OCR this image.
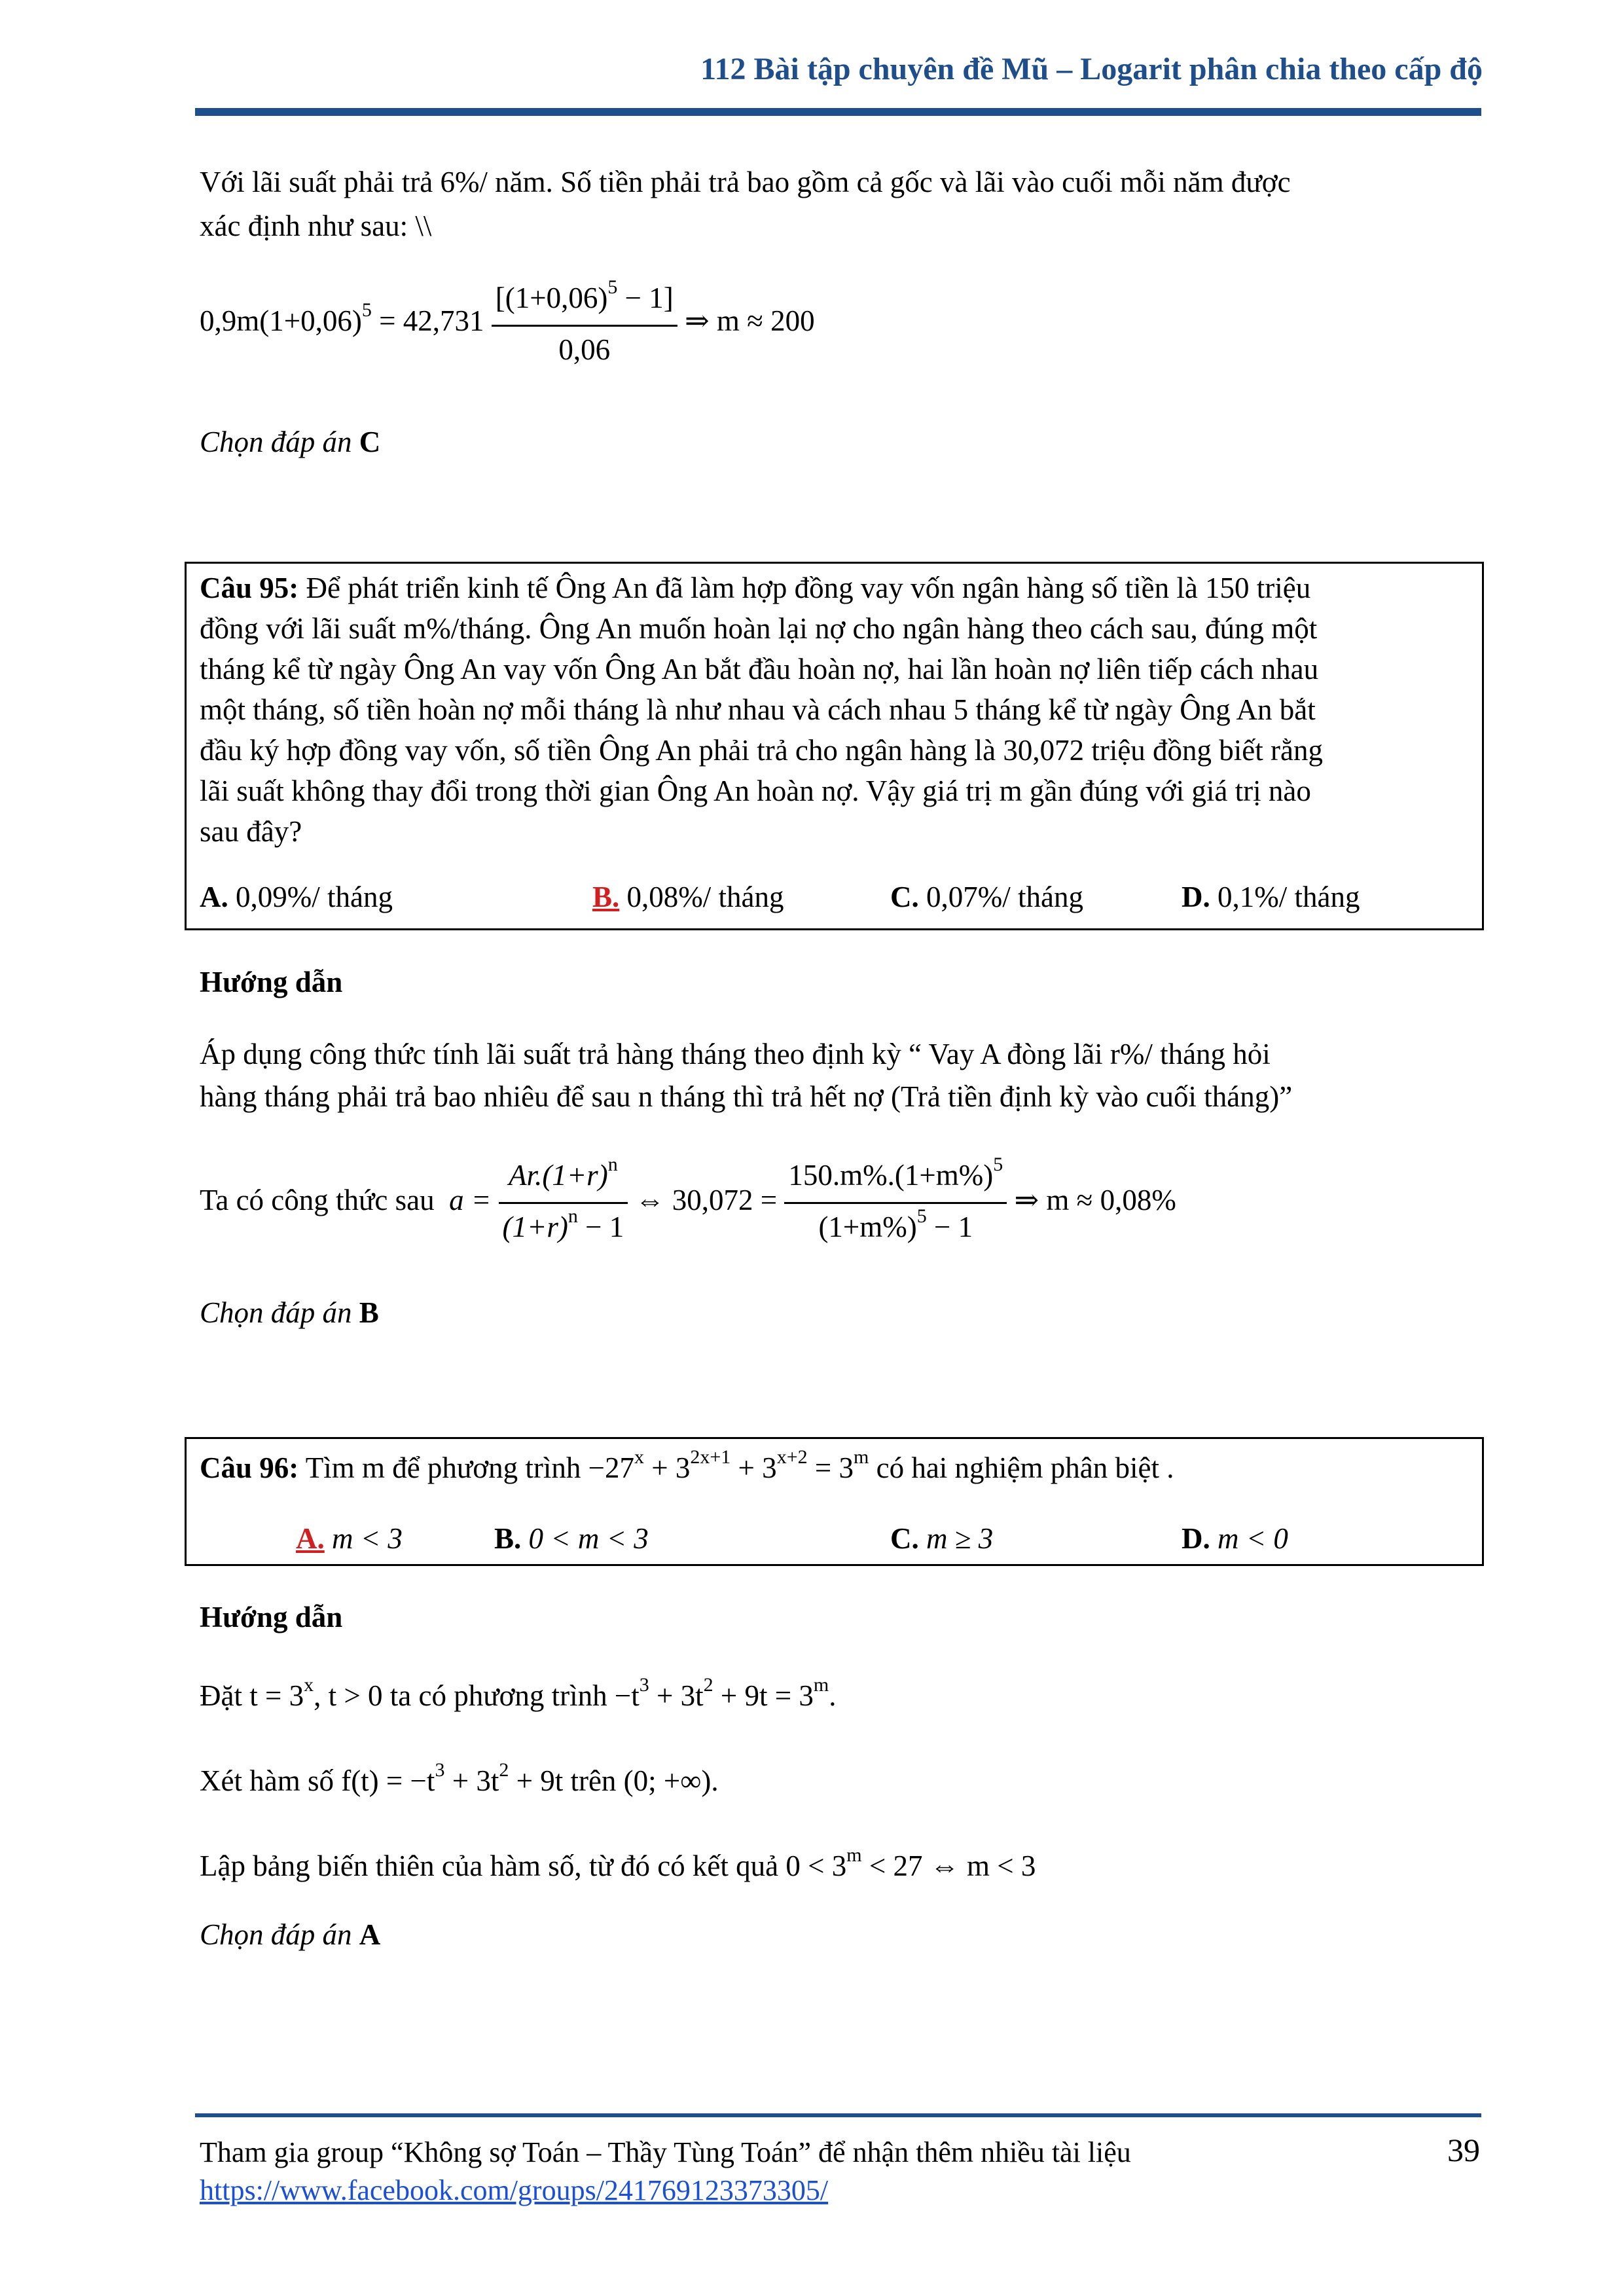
112 Bài tập chuyên đề Mũ – Logarit phân chia theo cấp độ
Với lãi suất phải trả 6%/ năm. Số tiền phải trả bao gồm cả gốc và lãi vào cuối mỗi năm được
xác định như sau: \\
$0,9m(1+0,06)^5 = 42,731 \frac{[(1+0,06)^5 - 1]}{0,06}$ ⇒ m ≈ 200
Chọn đáp án C
Câu 95: Để phát triển kinh tế Ông An đã làm hợp đồng vay vốn ngân hàng số tiền là 150 triệu
đồng với lãi suất m%/tháng. Ông An muốn hoàn lại nợ cho ngân hàng theo cách sau, đúng một
tháng kể từ ngày Ông An vay vốn Ông An bắt đầu hoàn nợ, hai lần hoàn nợ liên tiếp cách nhau
một tháng, số tiền hoàn nợ mỗi tháng là như nhau và cách nhau 5 tháng kể từ ngày Ông An bắt
đầu ký hợp đồng vay vốn, số tiền Ông An phải trả cho ngân hàng là 30,072 triệu đồng biết rằng
lãi suất không thay đổi trong thời gian Ông An hoàn nợ. Vậy giá trị m gần đúng với giá trị nào
sau đây?
A. 0,09%/ tháng	B. 0,08%/ tháng	C. 0,07%/ tháng	D. 0,1%/ tháng
Hướng dẫn
Áp dụng công thức tính lãi suất trả hàng tháng theo định kỳ “ Vay A đòng lãi r%/ tháng hỏi
hàng tháng phải trả bao nhiêu để sau n tháng thì trả hết nợ (Trả tiền định kỳ vào cuối tháng)”
Ta có công thức sau $a = \frac{Ar.(1+r)^n}{(1+r)^n - 1}$ ⇔ $30,072 = \frac{150.m\%.(1+m\%)^5}{(1+m\%)^5 - 1}$ ⇒ m ≈ 0,08%
Chọn đáp án B
Câu 96: Tìm m để phương trình $-27^x + 3^{2x+1} + 3^{x+2} = 3^m$ có hai nghiệm phân biệt .
A. m < 3	B. 0 < m < 3	C. m ≥ 3	D. m < 0
Hướng dẫn
Đặt $t = 3^x$, t > 0 ta có phương trình $-t^3 + 3t^2 + 9t = 3^m$.
Xét hàm số $f(t) = -t^3 + 3t^2 + 9t$ trên (0; +∞).
Lập bảng biến thiên của hàm số, từ đó có kết quả $0 < 3^m < 27$ ⇔ m < 3
Chọn đáp án A
Tham gia group “Không sợ Toán – Thầy Tùng Toán” để nhận thêm nhiều tài liệu
https://www.facebook.com/groups/241769123373305/
39
